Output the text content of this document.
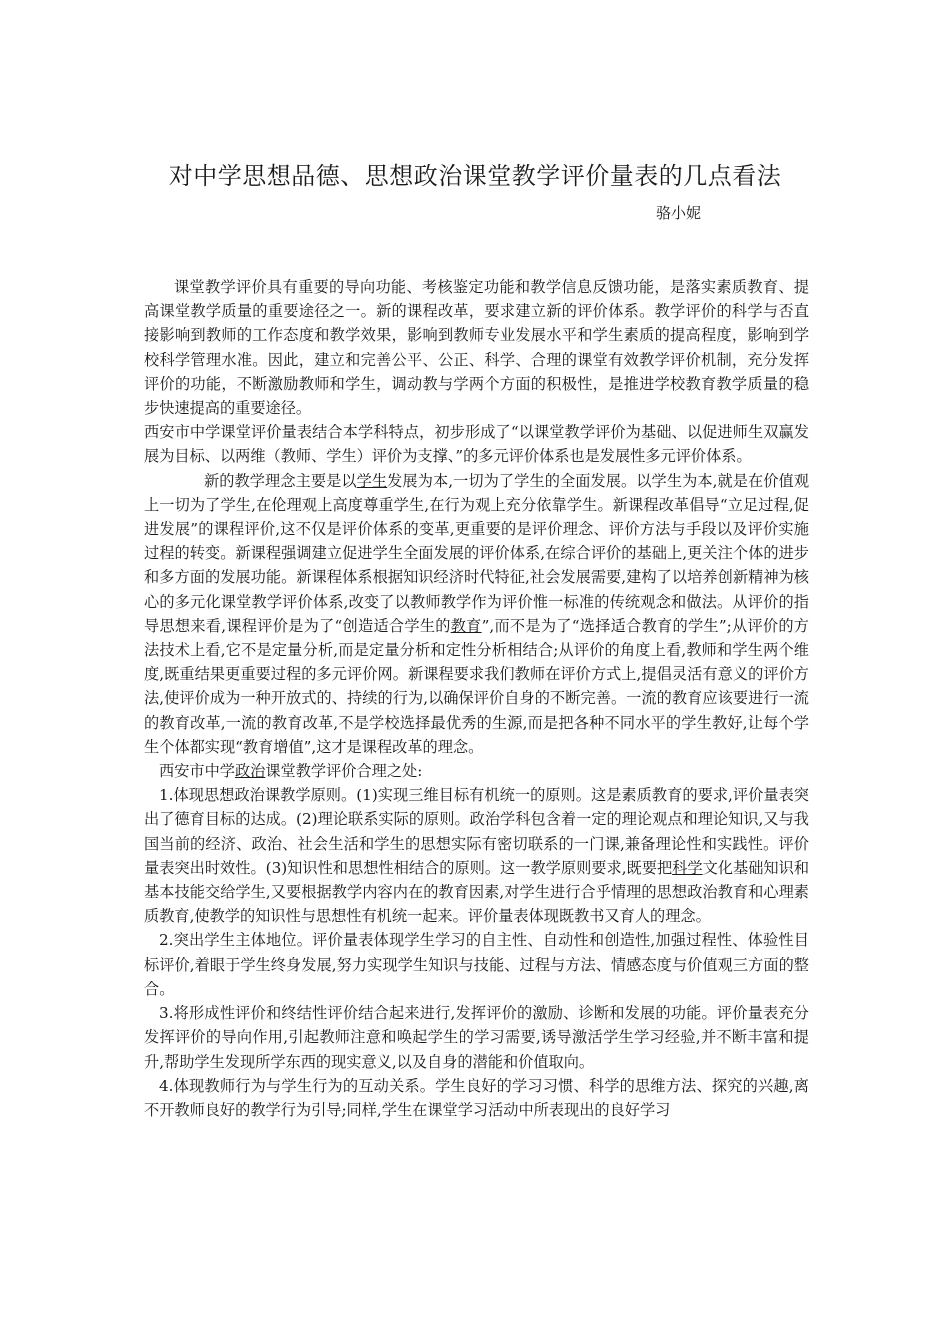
对中学思想品德、思想政治课堂教学评价量表的几点看法
骆小妮

课堂教学评价具有重要的导向功能、考核鉴定功能和教学信息反馈功能，是落实素质教育、提高课堂教学质量的重要途径之一。新的课程改革，要求建立新的评价体系。教学评价的科学与否直接影响到教师的工作态度和教学效果，影响到教师专业发展水平和学生素质的提高程度，影响到学校科学管理水准。因此，建立和完善公平、公正、科学、合理的课堂有效教学评价机制，充分发挥评价的功能，不断激励教师和学生，调动教与学两个方面的积极性，是推进学校教育教学质量的稳步快速提高的重要途径。

西安市中学课堂评价量表结合本学科特点，初步形成了“以课堂教学评价为基础、以促进师生双赢发展为目标、以两维（教师、学生）评价为支撑、”的多元评价体系也是发展性多元评价体系。

新的教学理念主要是以学生发展为本,一切为了学生的全面发展。以学生为本,就是在价值观上一切为了学生,在伦理观上高度尊重学生,在行为观上充分依靠学生。新课程改革倡导“立足过程,促进发展”的课程评价,这不仅是评价体系的变革,更重要的是评价理念、评价方法与手段以及评价实施过程的转变。新课程强调建立促进学生全面发展的评价体系,在综合评价的基础上,更关注个体的进步和多方面的发展功能。新课程体系根据知识经济时代特征,社会发展需要,建构了以培养创新精神为核心的多元化课堂教学评价体系,改变了以教师教学作为评价惟一标准的传统观念和做法。从评价的指导思想来看,课程评价是为了“创造适合学生的教育”,而不是为了“选择适合教育的学生”;从评价的方法技术上看,它不是定量分析,而是定量分析和定性分析相结合;从评价的角度上看,教师和学生两个维度,既重结果更重要过程的多元评价网。新课程要求我们教师在评价方式上,提倡灵活有意义的评价方法,使评价成为一种开放式的、持续的行为,以确保评价自身的不断完善。一流的教育应该要进行一流的教育改革,一流的教育改革,不是学校选择最优秀的生源,而是把各种不同水平的学生教好,让每个学生个体都实现“教育增值”,这才是课程改革的理念。

西安市中学政治课堂教学评价合理之处:

1.体现思想政治课教学原则。(1)实现三维目标有机统一的原则。这是素质教育的要求,评价量表突出了德育目标的达成。(2)理论联系实际的原则。政治学科包含着一定的理论观点和理论知识,又与我国当前的经济、政治、社会生活和学生的思想实际有密切联系的一门课,兼备理论性和实践性。评价量表突出时效性。(3)知识性和思想性相结合的原则。这一教学原则要求,既要把科学文化基础知识和基本技能交给学生,又要根据教学内容内在的教育因素,对学生进行合乎情理的思想政治教育和心理素质教育,使教学的知识性与思想性有机统一起来。评价量表体现既教书又育人的理念。

2.突出学生主体地位。评价量表体现学生学习的自主性、自动性和创造性,加强过程性、体验性目标评价,着眼于学生终身发展,努力实现学生知识与技能、过程与方法、情感态度与价值观三方面的整合。

3.将形成性评价和终结性评价结合起来进行,发挥评价的激励、诊断和发展的功能。评价量表充分发挥评价的导向作用,引起教师注意和唤起学生的学习需要,诱导激活学生学习经验,并不断丰富和提升,帮助学生发现所学东西的现实意义,以及自身的潜能和价值取向。

4.体现教师行为与学生行为的互动关系。学生良好的学习习惯、科学的思维方法、探究的兴趣,离不开教师良好的教学行为引导;同样,学生在课堂学习活动中所表现出的良好学习
